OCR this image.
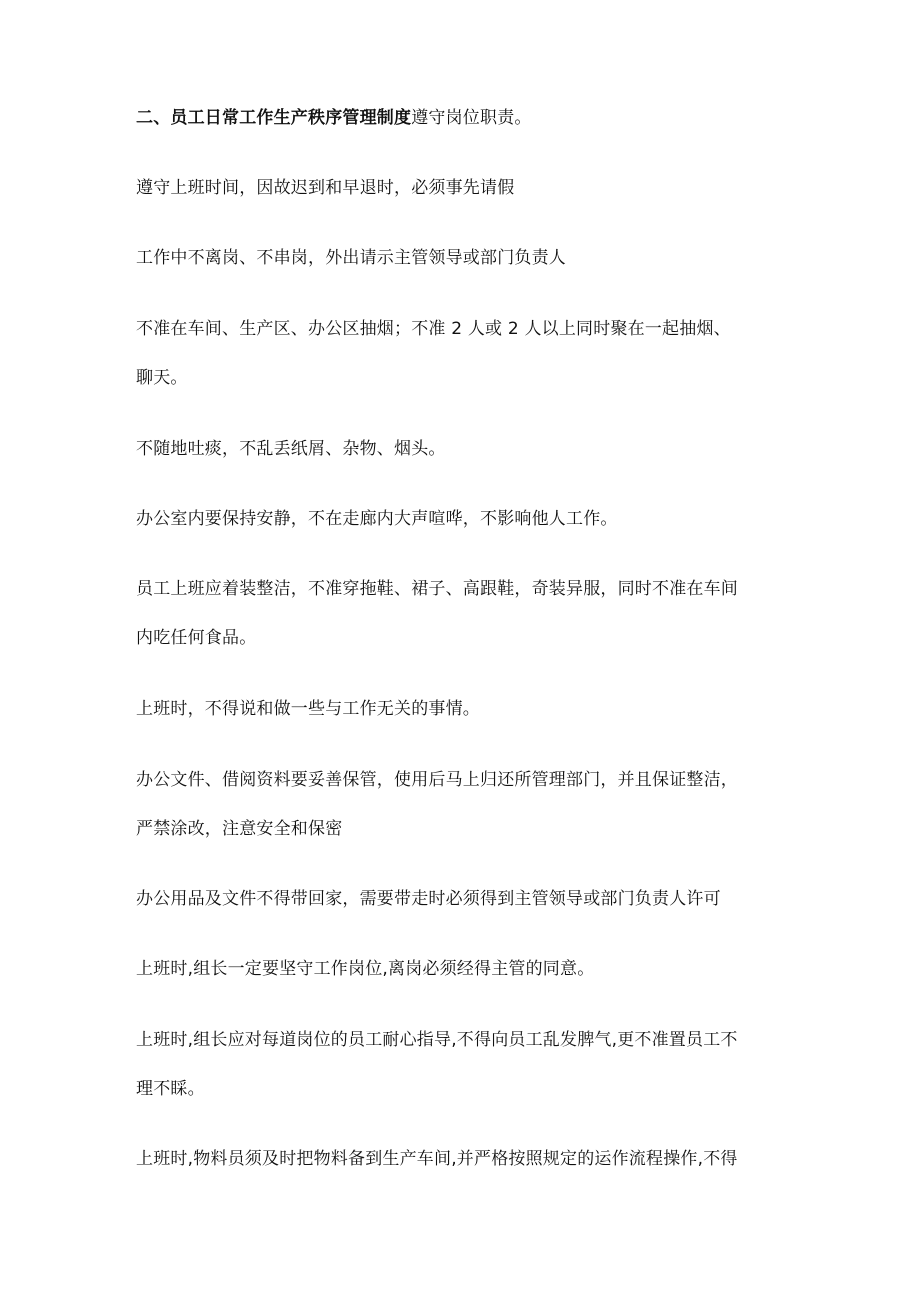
二、员工日常工作生产秩序管理制度遵守岗位职责。

遵守上班时间，因故迟到和早退时，必须事先请假

工作中不离岗、不串岗，外出请示主管领导或部门负责人

不准在车间、生产区、办公区抽烟；不准 2 人或 2 人以上同时聚在一起抽烟、

聊天。

不随地吐痰，不乱丢纸屑、杂物、烟头。

办公室内要保持安静，不在走廊内大声喧哗，不影响他人工作。

员工上班应着装整洁，不准穿拖鞋、裙子、高跟鞋，奇装异服，同时不准在车间

内吃任何食品。

上班时，不得说和做一些与工作无关的事情。

办公文件、借阅资料要妥善保管，使用后马上归还所管理部门，并且保证整洁，

严禁涂改，注意安全和保密

办公用品及文件不得带回家，需要带走时必须得到主管领导或部门负责人许可

上班时,组长一定要坚守工作岗位,离岗必须经得主管的同意。

上班时,组长应对每道岗位的员工耐心指导,不得向员工乱发脾气,更不准置员工不

理不睬。

上班时,物料员须及时把物料备到生产车间,并严格按照规定的运作流程操作,不得
